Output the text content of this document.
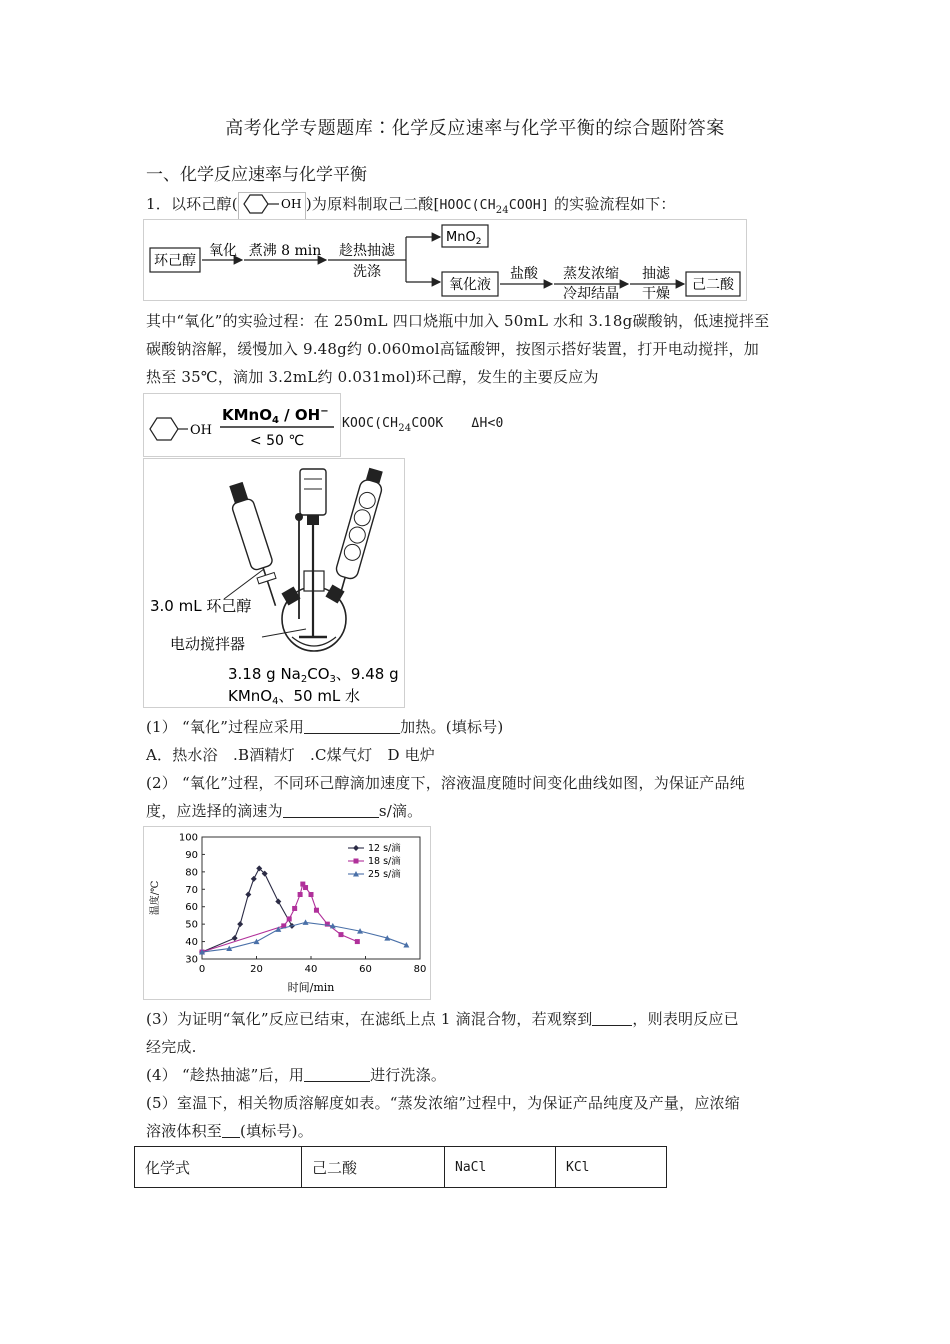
高考化学专题题库∶化学反应速率与化学平衡的综合题附答案
一、化学反应速率与化学平衡
1．以环己醇(	OH )为原料制取己二酸[$HOOC(CH_{24}COOH]$ 的实验流程如下：
环己醇
氧化 煮沸 8 min 趁热抽滤
洗涤
MnO$_2$
氧化液
盐酸 蒸发浓缩
冷却结晶
抽滤
干燥
己二酸
其中“氧化”的实验过程：在 250mL 四口烧瓶中加入 50mL 水和 3.18g碳酸钠，低速搅拌至
碳酸钠溶解，缓慢加入 9.48g约 0.060mol高锰酸钾，按图示搭好装置，打开电动搅拌，加
热至 35℃，滴加 3.2mL约 0.031mol)环己醇，发生的主要反应为
OH
KMnO$_4$ / OH−
< 50 ℃
$KOOC(CH_{24}COOK$ ΔH<0
3.0 mL 环己醇
电动搅拌器
3.18 g $Na_2CO_3$、9.48 g
KMnO$_4$、50 mL 水
(1） “氧化”过程应采用	加热。(填标号)
A．热水浴　.B酒精灯　.C煤气灯　D 电炉
(2） “氧化”过程，不同环己醇滴加速度下，溶液温度随时间变化曲线如图，为保证产品纯
度，应选择的滴速为	s/滴。
0	20	40	60	80
30
40
50
60
70
80
90
100
时间/min
温度/℃
12 s/滴
18 s/滴
25 s/滴
(3）为证明“氧化”反应已结束，在滤纸上点 1 滴混合物，若观察到	，则表明反应已
经完成.
(4） “趁热抽滤”后，用	进行洗涤。
(5）室温下，相关物质溶解度如表。“蒸发浓缩”过程中，为保证产品纯度及产量，应浓缩
溶液体积至 (填标号)。
化学式	己二酸	NaCl	KCl
